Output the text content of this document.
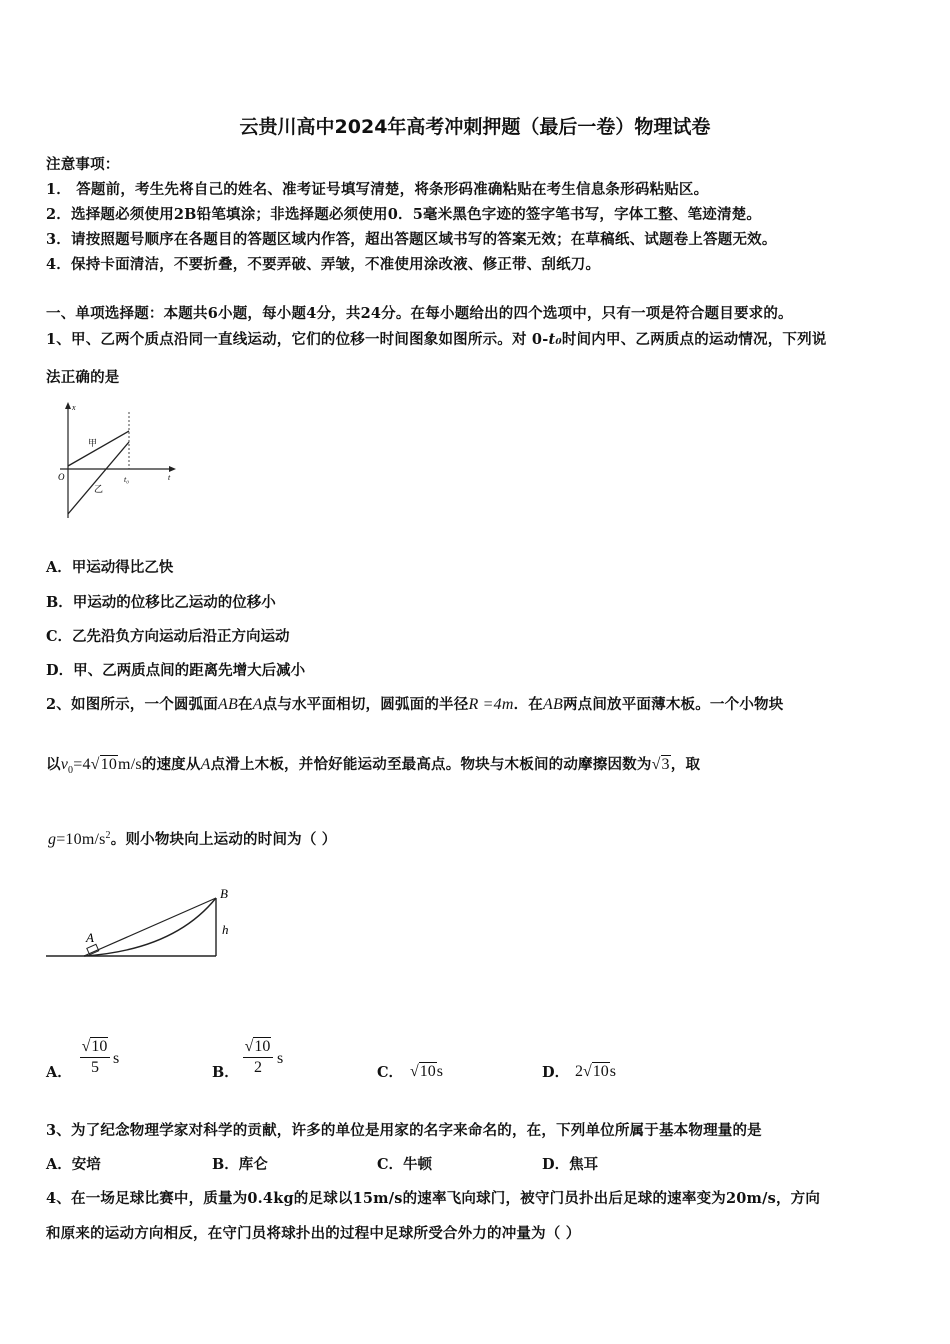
云贵川高中2024年高考冲刺押题（最后一卷）物理试卷
注意事项：
1． 答题前，考生先将自己的姓名、准考证号填写清楚，将条形码准确粘贴在考生信息条形码粘贴区。
2．选择题必须使用2B铅笔填涂；非选择题必须使用0．5毫米黑色字迹的签字笔书写，字体工整、笔迹清楚。
3．请按照题号顺序在各题目的答题区域内作答，超出答题区域书写的答案无效；在草稿纸、试题卷上答题无效。
4．保持卡面清洁，不要折叠，不要弄破、弄皱，不准使用涂改液、修正带、刮纸刀。
一、单项选择题：本题共6小题，每小题4分，共24分。在每小题给出的四个选项中，只有一项是符合题目要求的。
1、甲、乙两个质点沿同一直线运动，它们的位移一时间图象如图所示。对 0-t₀时间内甲、乙两质点的运动情况，下列说
法正确的是
x
t
O	t₀
甲
乙
A．甲运动得比乙快
B．甲运动的位移比乙运动的位移小
C．乙先沿负方向运动后沿正方向运动
D．甲、乙两质点间的距离先增大后减小
2、如图所示，一个圆弧面AB在A点与水平面相切，圆弧面的半径R =4m．在AB两点间放平面薄木板。一个小物块
以$v_0=4√10m/s$的速度从A点滑上木板，并恰好能运动至最高点。物块与木板间的动摩擦因数为√3，取
$g=10m/s^2$。则小物块向上运动的时间为（ ）
A
B
h
A．
√10
5
s
B．
√10
2
s
C． √10s	D． 2√10s
3、为了纪念物理学家对科学的贡献，许多的单位是用家的名字来命名的，在，下列单位所属于基本物理量的是
A．安培	B．库仑	C．牛顿	D．焦耳
4、在一场足球比赛中，质量为0.4kg的足球以15m/s的速率飞向球门，被守门员扑出后足球的速率变为20m/s，方向
和原来的运动方向相反，在守门员将球扑出的过程中足球所受合外力的冲量为（ ）
